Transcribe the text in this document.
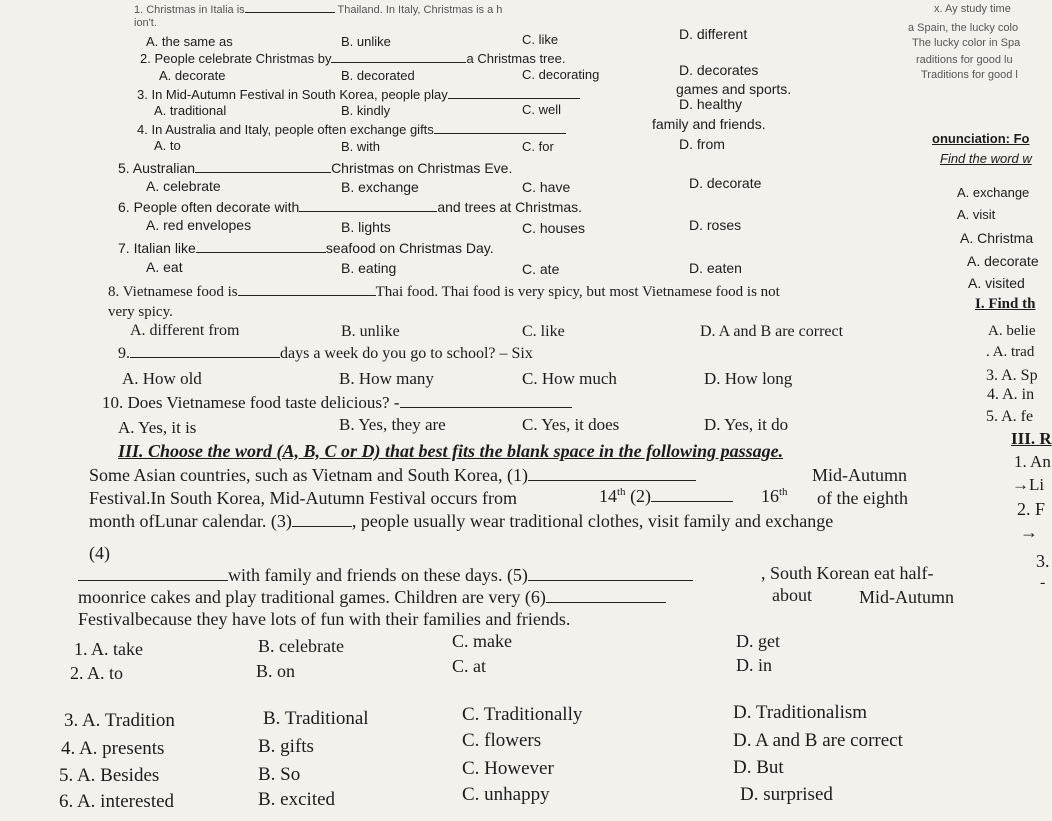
1. Christmas in Italia is	Thailand. In Italy, Christmas is a h
ion't.
A. the same as	B. unlike	C. like	D. different
2. People celebrate Christmas by	a Christmas tree.
A. decorate	B. decorated	C. decorating	D. decorates
3. In Mid-Autumn Festival in South Korea, people play	games and sports.
A. traditional	B. kindly	C. well	D. healthy
4. In Australia and Italy, people often exchange gifts	family and friends.
A. to	B. with	C. for	D. from
5. Australian	Christmas on Christmas Eve.
A. celebrate	B. exchange	C. have	D. decorate
6. People often decorate with	and trees at Christmas.
A. red envelopes	B. lights	C. houses	D. roses
7. Italian like	seafood on Christmas Day.
A. eat	B. eating	C. ate	D. eaten
8. Vietnamese food is	Thai food. Thai food is very spicy, but most Vietnamese food is not
very spicy.
A. different from	B. unlike	C. like	D. A and B are correct
9.	days a week do you go to school? – Six
A. How old	B. How many	C. How much	D. How long
10. Does Vietnamese food taste delicious? -
A. Yes, it is	B. Yes, they are	C. Yes, it does	D. Yes, it do
III. Choose the word (A, B, C or D) that best fits the blank space in the following passage.
Some Asian countries, such as Vietnam and South Korea, (1)	Mid-Autumn
Festival.In South Korea, Mid-Autumn Festival occurs from	14th (2)	16th of the eighth
month ofLunar calendar. (3)	, people usually wear traditional clothes, visit family and exchange
(4)
with family and friends on these days. (5)	, South Korean eat half-
moonrice cakes and play traditional games. Children are very (6)	about	Mid-Autumn
Festivalbecause they have lots of fun with their families and friends.
1. A. take	B. celebrate	C. make	D. get
2. A. to	B. on	C. at	D. in
3. A. Tradition	B. Traditional	C. Traditionally	D. Traditionalism
4. A. presents	B. gifts	C. flowers	D. A and B are correct
5. A. Besides	B. So	C. However	D. But
6. A. interested	B. excited	C. unhappy	D. surprised
x. Ay study time
a Spain, the lucky colo
The lucky color in Spa
raditions for good lu
Traditions for good l
onunciation: Fo
Find the word w
A. exchange
A. visit
A. Christma
A. decorate
A. visited
I. Find th
A. belie
. A. trad
3. A. Sp
4. A. in
5. A. fe
III. R
1. An
→Li
2. F
→
3.
-
